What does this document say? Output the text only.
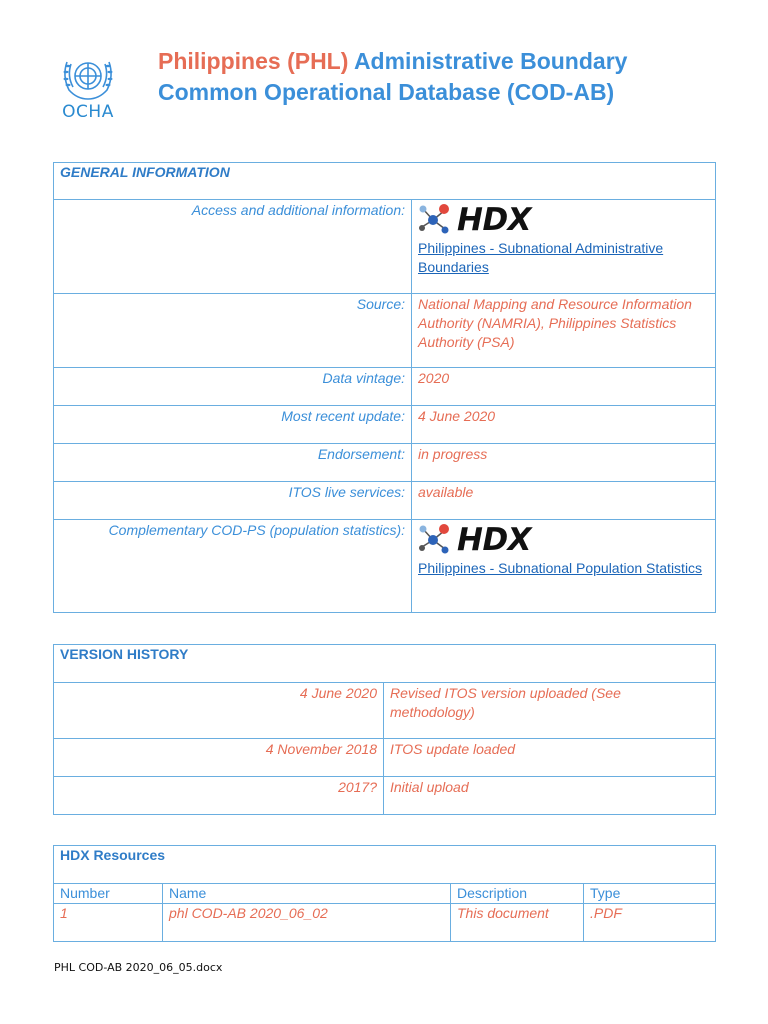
OCHA
Philippines (PHL) Administrative Boundary
Common Operational Database (COD-AB)
GENERAL INFORMATION	
Access and additional information:	HDX
Philippines - Subnational Administrative Boundaries

Source:	National Mapping and Resource Information Authority (NAMRIA), Philippines Statistics Authority (PSA)
Data vintage:	2020
Most recent update:	4 June 2020
Endorsement:	in progress
ITOS live services:	available
Complementary COD-PS (population statistics):	HDX
Philippines - Subnational Population Statistics
VERSION HISTORY	
4 June 2020	Revised ITOS version uploaded (See methodology)
4 November 2018	ITOS update loaded
2017?	Initial upload
HDX Resources			
Number	Name	Description	Type
1	phl COD-AB 2020_06_02	This document	.PDF
PHL COD-AB 2020_06_05.docx
